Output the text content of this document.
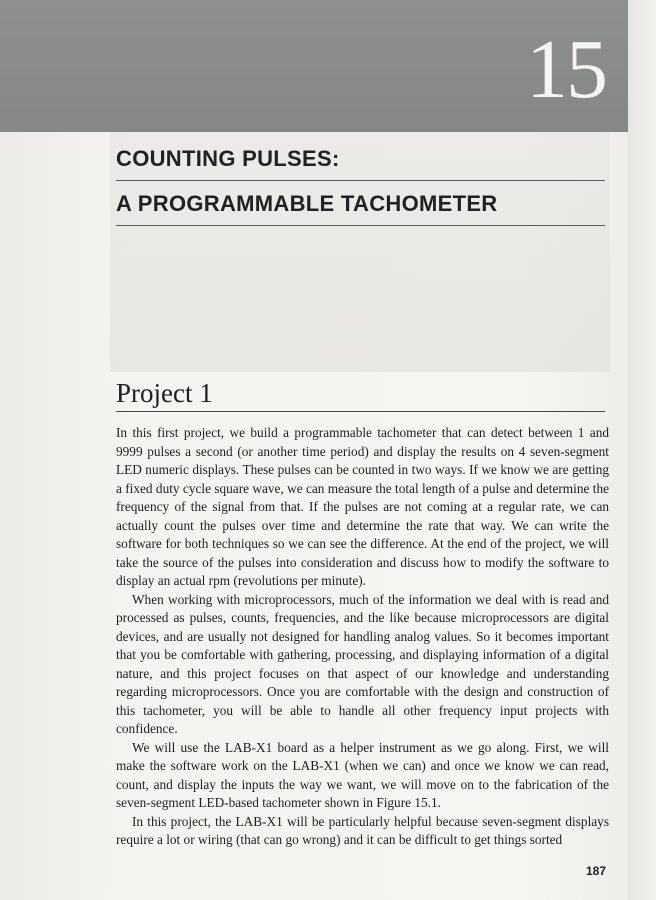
15
COUNTING PULSES:
A PROGRAMMABLE TACHOMETER
Project 1

In this first project, we build a programmable tachometer that can detect between 1 and 9999 pulses a second (or another time period) and display the results on 4 seven-segment LED numeric displays. These pulses can be counted in two ways. If we know we are getting a fixed duty cycle square wave, we can measure the total length of a pulse and determine the frequency of the signal from that. If the pulses are not coming at a regular rate, we can actually count the pulses over time and determine the rate that way. We can write the software for both techniques so we can see the difference. At the end of the project, we will take the source of the pulses into consideration and discuss how to modify the software to display an actual rpm (revolutions per minute).

When working with microprocessors, much of the information we deal with is read and processed as pulses, counts, frequencies, and the like because microprocessors are digital devices, and are usually not designed for handling analog values. So it becomes important that you be comfortable with gathering, processing, and displaying information of a digital nature, and this project focuses on that aspect of our knowledge and understanding regarding microprocessors. Once you are comfortable with the design and construction of this tachometer, you will be able to handle all other frequency input projects with confidence.

We will use the LAB-X1 board as a helper instrument as we go along. First, we will make the software work on the LAB-X1 (when we can) and once we know we can read, count, and display the inputs the way we want, we will move on to the fabrication of the seven-segment LED-based tachometer shown in Figure 15.1.

In this project, the LAB-X1 will be particularly helpful because seven-segment displays require a lot or wiring (that can go wrong) and it can be difficult to get things sorted

187
